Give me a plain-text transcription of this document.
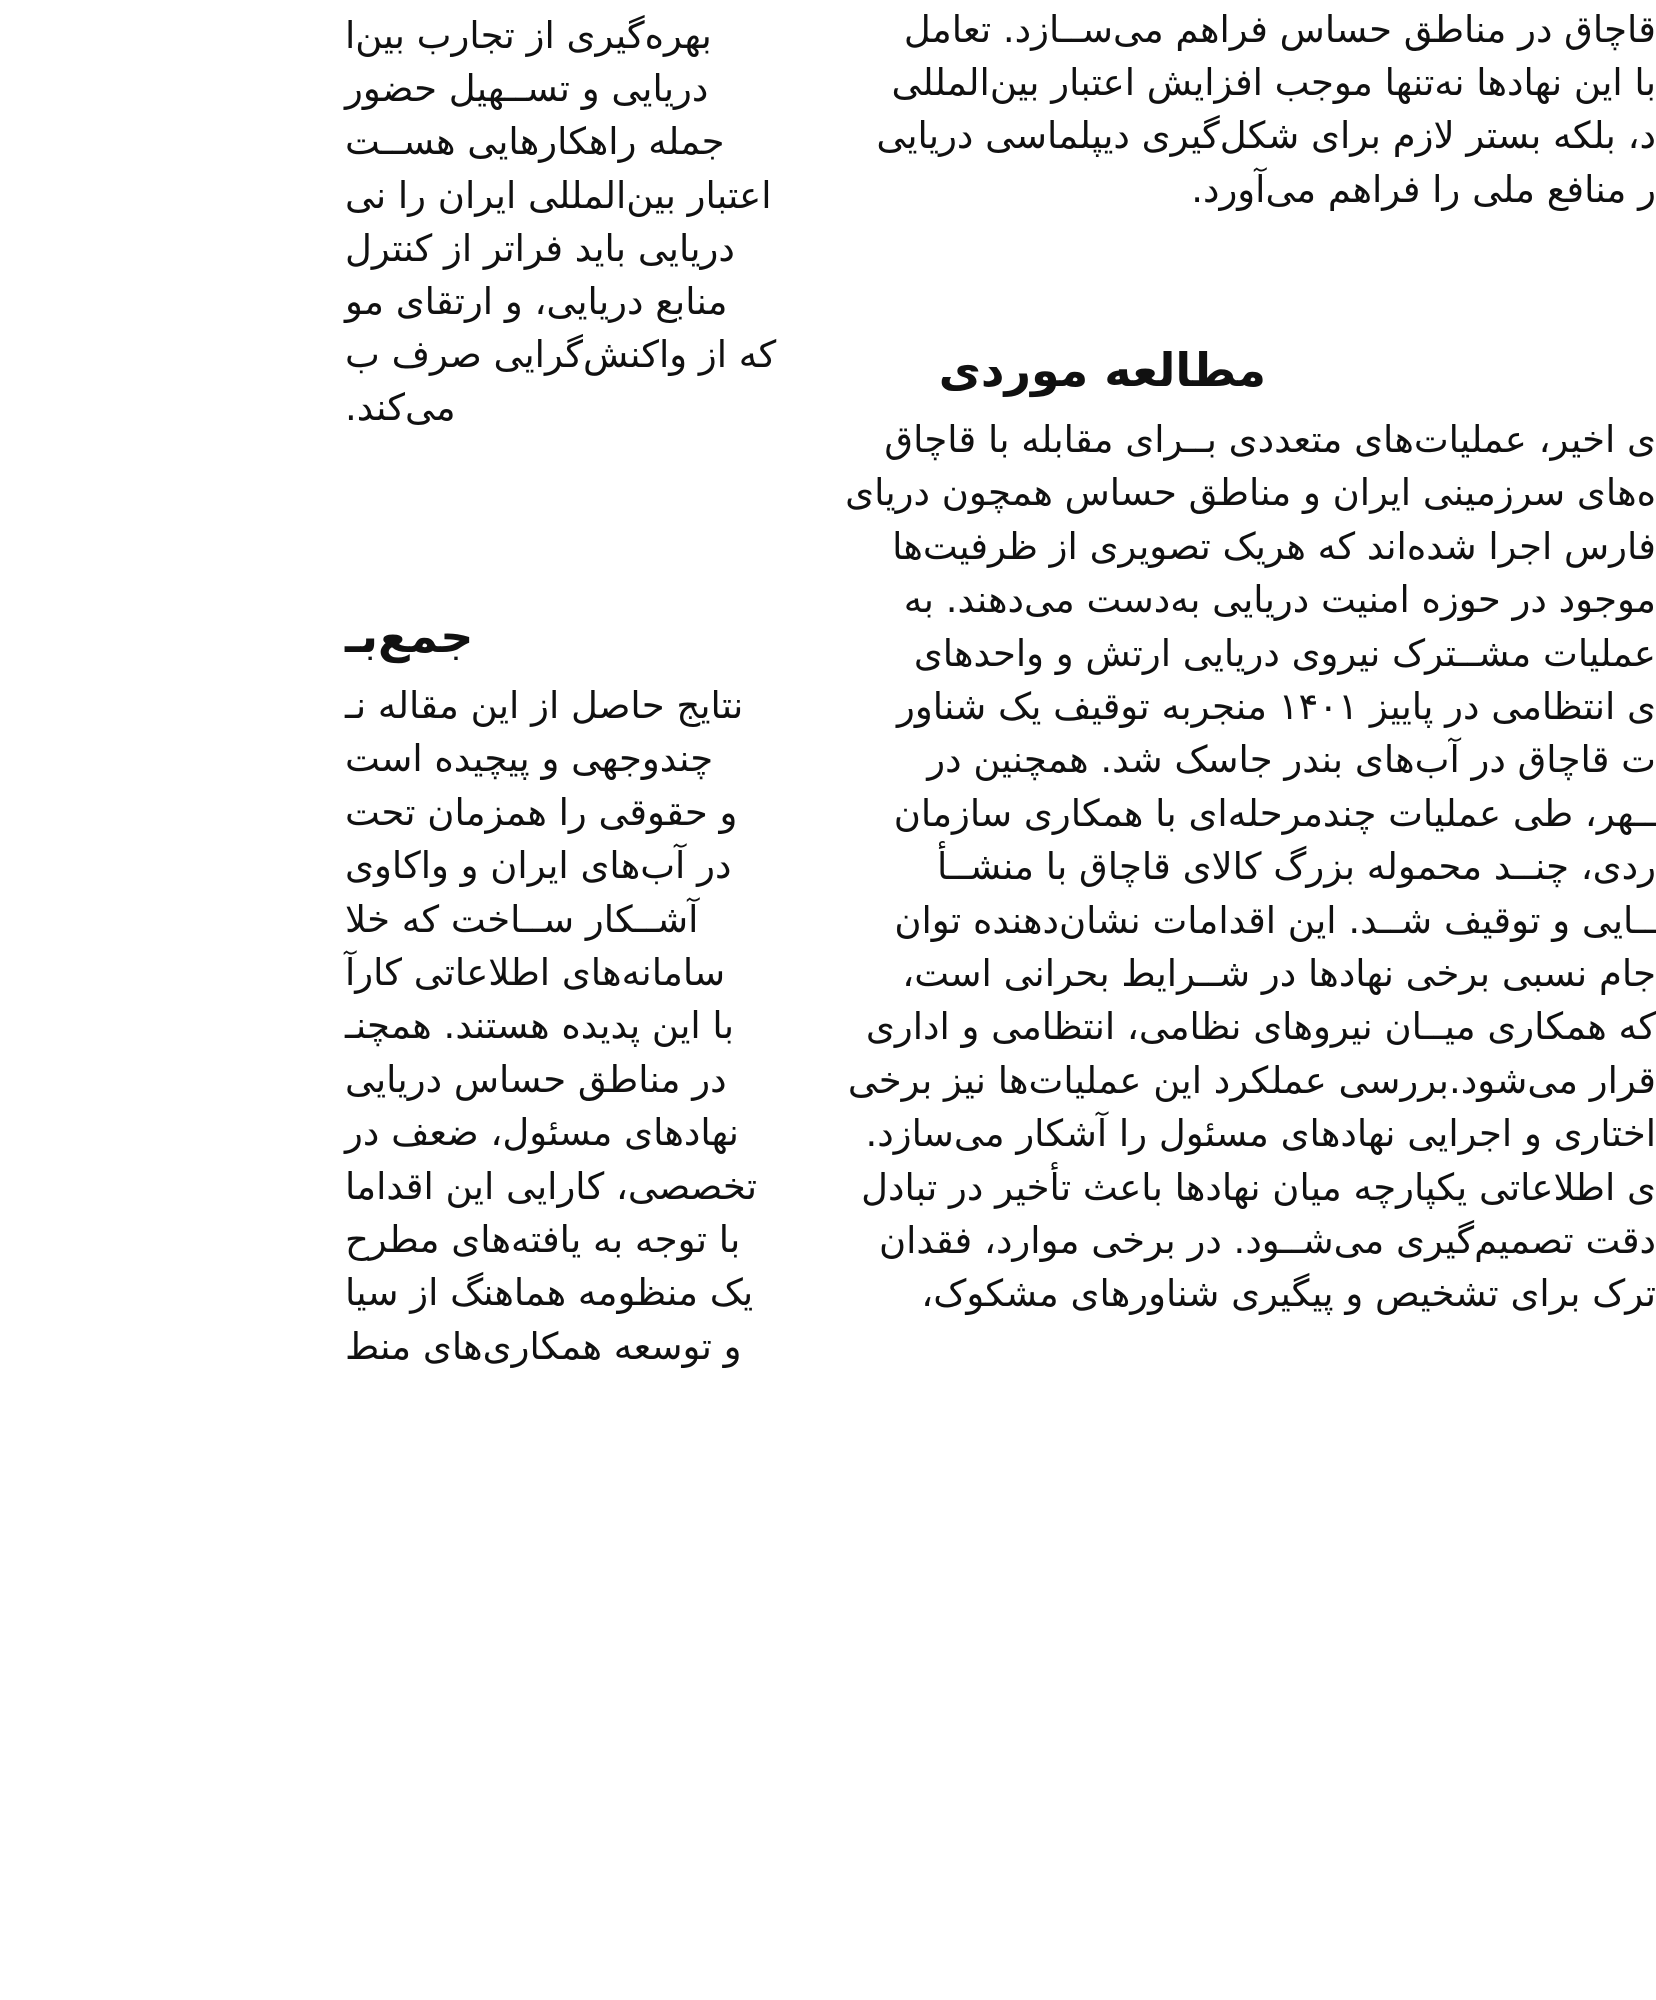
قاچاق در مناطق حساس فراهم می‌ســازد. تعامل
با این نهادها نه‌تنها موجب افزایش اعتبار بین‌المللی
د، بلکه بستر لازم برای شکل‌گیری دیپلماسی دریایی
ر منافع ملی را فراهم می‌آورد.
مطالعه موردی
ی اخیر، عملیات‌های متعددی بــرای مقابله با قاچاق
ه‌های سرزمینی ایران و مناطق حساس همچون دریای
فارس اجرا شده‌اند که هریک تصویری از ظرفیت‌ها
موجود در حوزه امنیت دریایی به‌دست می‌دهند. به
عملیات مشــترک نیروی دریایی ارتش و واحدهای
ی انتظامی در پاییز ۱۴۰۱ منجربه توقیف یک شناور
ت قاچاق در آب‌های بندر جاسک شد. همچنین در
ــهر، طی عملیات چندمرحله‌ای با همکاری سازمان
ردی، چنــد محموله بزرگ کالای قاچاق با منشــأ
ــایی و توقیف شــد. این اقدامات نشان‌دهنده توان
جام نسبی برخی نهادها در شــرایط بحرانی است،
که همکاری میــان نیروهای نظامی، انتظامی و اداری
قرار می‌شود.بررسی عملکرد این عملیات‌ها نیز برخی
اختاری و اجرایی نهادهای مسئول را آشکار می‌سازد.
ی اطلاعاتی یکپارچه میان نهادها باعث تأخیر در تبادل
دقت تصمیم‌گیری می‌شــود. در برخی موارد، فقدان
ترک برای تشخیص و پیگیری شناورهای مشکوک،
بهره‌گیری از تجارب بین‌ا
دریایی و تســهیل حضور
جمله راهکارهایی هســت
اعتبار بین‌المللی ایران را نی
دریایی باید فراتر از کنترل
منابع دریایی، و ارتقای مو
که از واکنش‌گرایی صرف ب
می‌کند.
جمع‌بـ
نتایج حاصل از این مقاله نـ
چندوجهی و پیچیده است
و حقوقی را همزمان تحت
در آب‌های ایران و واکاوی
آشــکار ســاخت که خلا
سامانه‌های اطلاعاتی کارآ
با این پدیده هستند. همچنـ
در مناطق حساس دریایی
نهادهای مسئول، ضعف در
تخصصی، کارایی این اقداما
با توجه به یافته‌های مطرح
یک منظومه هماهنگ از سیا
و توسعه همکاری‌های منط
